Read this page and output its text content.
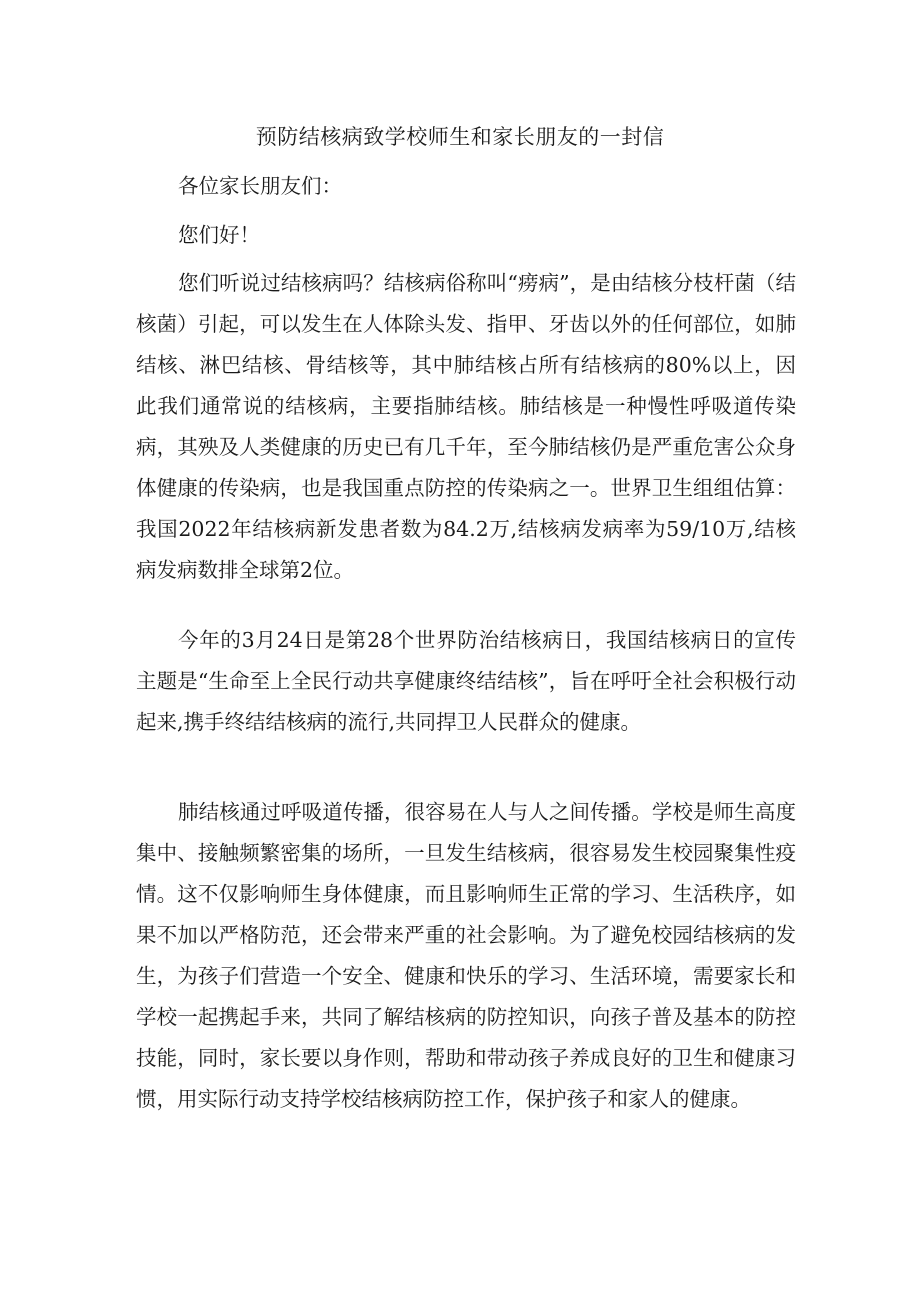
预防结核病致学校师生和家长朋友的一封信
各位家长朋友们：
您们好！
您们听说过结核病吗？结核病俗称叫“痨病”，是由结核分枝杆菌（结核菌）引起，可以发生在人体除头发、指甲、牙齿以外的任何部位，如肺结核、淋巴结核、骨结核等，其中肺结核占所有结核病的80%以上，因此我们通常说的结核病，主要指肺结核。肺结核是一种慢性呼吸道传染病，其殃及人类健康的历史已有几千年，至今肺结核仍是严重危害公众身体健康的传染病，也是我国重点防控的传染病之一。世界卫生组组估算：我国2022年结核病新发患者数为84.2万,结核病发病率为59/10万,结核病发病数排全球第2位。
今年的3月24日是第28个世界防治结核病日，我国结核病日的宣传主题是“生命至上全民行动共享健康终结结核”，旨在呼吁全社会积极行动起来,携手终结结核病的流行,共同捍卫人民群众的健康。
肺结核通过呼吸道传播，很容易在人与人之间传播。学校是师生高度集中、接触频繁密集的场所，一旦发生结核病，很容易发生校园聚集性疫情。这不仅影响师生身体健康，而且影响师生正常的学习、生活秩序，如果不加以严格防范，还会带来严重的社会影响。为了避免校园结核病的发生，为孩子们营造一个安全、健康和快乐的学习、生活环境，需要家长和学校一起携起手来，共同了解结核病的防控知识，向孩子普及基本的防控技能，同时，家长要以身作则，帮助和带动孩子养成良好的卫生和健康习惯，用实际行动支持学校结核病防控工作，保护孩子和家人的健康。
